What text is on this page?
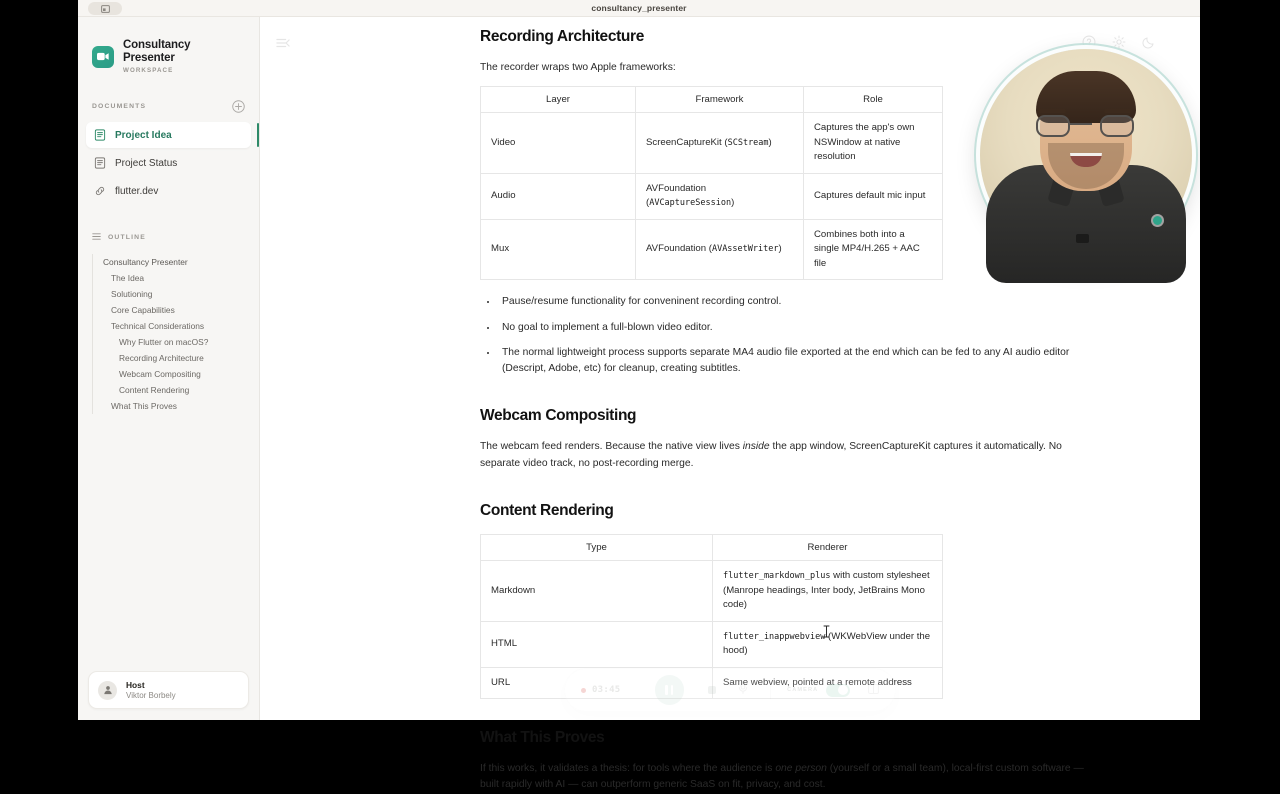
consultancy_presenter
Consultancy Presenter
WORKSPACE
DOCUMENTS
Project Idea
Project Status
flutter.dev
OUTLINE
Consultancy Presenter
The Idea
Solutioning
Core Capabilities
Technical Considerations
Why Flutter on macOS?
Recording Architecture
Webcam Compositing
Content Rendering
What This Proves
Host
Viktor Borbely
Recording Architecture

The recorder wraps two Apple frameworks:

Layer	Framework	Role
Video	ScreenCaptureKit (SCStream)	Captures the app's own NSWindow at native resolution
Audio	AVFoundation (AVCaptureSession)	Captures default mic input
Mux	AVFoundation (AVAssetWriter)	Combines both into a single MP4/H.265 + AAC file
• Pause/resume functionality for conveninent recording control.
• No goal to implement a full-blown video editor.
• The normal lightweight process supports separate MA4 audio file exported at the end which can be fed to any AI audio editor (Descript, Adobe, etc) for cleanup, creating subtitles.
Webcam Compositing

The webcam feed renders. Because the native view lives inside the app window, ScreenCaptureKit captures it automatically. No separate video track, no post-recording merge.

Content Rendering
Type	Renderer
Markdown	flutter_markdown_plus with custom stylesheet (Manrope headings, Inter body, JetBrains Mono code)
HTML	flutter_inappwebview (WKWebView under the hood)
URL	Same webview, pointed at a remote address
What This Proves

If this works, it validates a thesis: for tools where the audience is one person (yourself or a small team), local-first custom software — built rapidly with AI — can outperform generic SaaS on fit, privacy, and cost.

03:45	CAMERA
